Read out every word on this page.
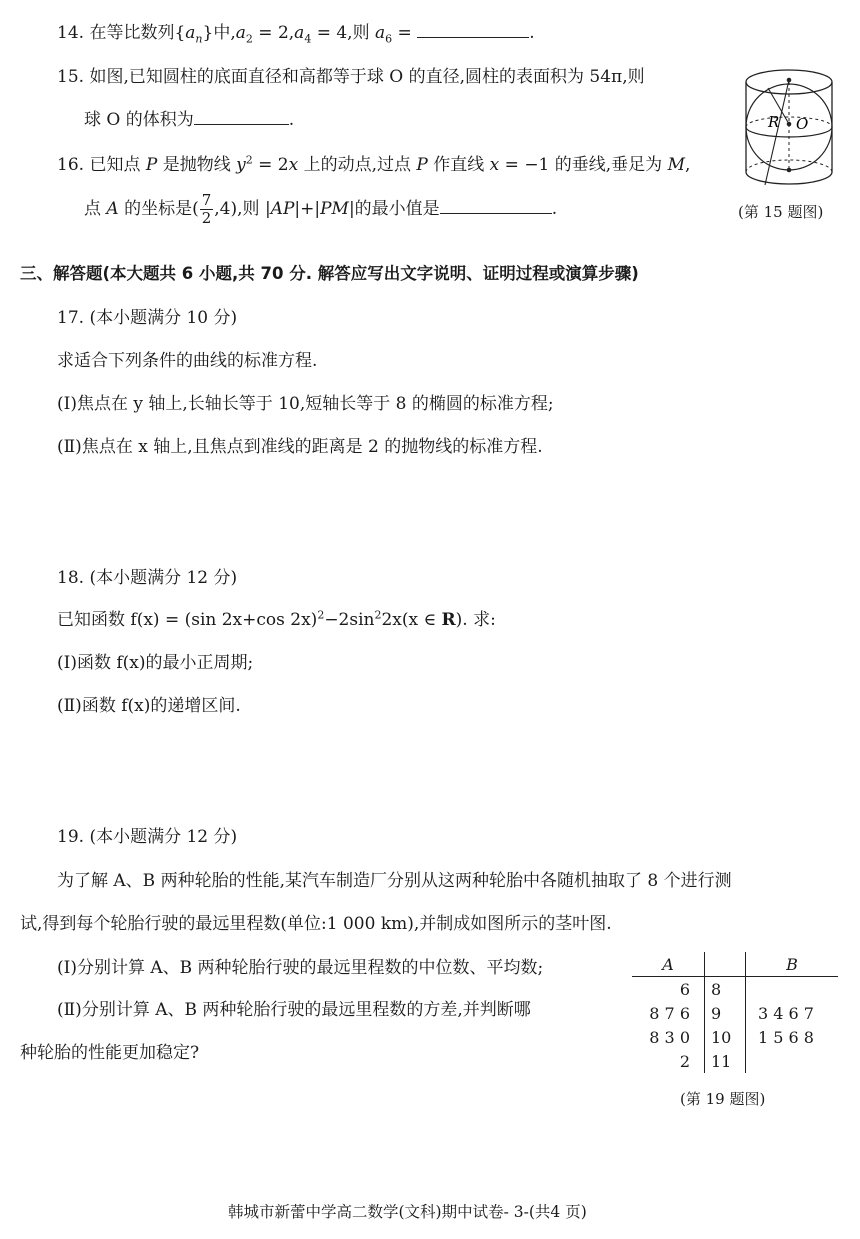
14. 在等比数列$\{a_n\}$中$,a_2 = 2,a_4 = 4$,则 $a_6$ =	.
15. 如图,已知圆柱的底面直径和高都等于球 O 的直径,圆柱的表面积为 54π,则
球 O 的体积为	.	R O
(第 15 题图)
16. 已知点 P 是抛物线 $y^2 = 2x$ 上的动点,过点 P 作直线 x = −1 的垂线,垂足为 M,
点 A 的坐标是( $\frac{7}{2} ,4$),则 |AP|+|PM|的最小值是	.
三、解答题(本大题共 6 小题,共 70 分. 解答应写出文字说明、证明过程或演算步骤)
17. (本小题满分 10 分)
求适合下列条件的曲线的标准方程.
(Ⅰ)焦点在 y 轴上,长轴长等于 10,短轴长等于 8 的椭圆的标准方程;
(Ⅱ)焦点在 x 轴上,且焦点到准线的距离是 2 的抛物线的标准方程.
18. (本小题满分 12 分)
已知函数 f(x) = (sin 2x+cos $2x)^2-2\sin^22x(x$ ∈ R). 求:
(Ⅰ)函数 f(x)的最小正周期;
(Ⅱ)函数 f(x)的递增区间.
19. (本小题满分 12 分)
为了解 A、B 两种轮胎的性能,某汽车制造厂分别从这两种轮胎中各随机抽取了 8 个进行测
试,得到每个轮胎行驶的最远里程数(单位:1 000 km),并制成如图所示的茎叶图.
(Ⅰ)分别计算 A、B 两种轮胎行驶的最远里程数的中位数、平均数;
(Ⅱ)分别计算 A、B 两种轮胎行驶的最远里程数的方差,并判断哪
种轮胎的性能更加稳定?
A		B
6	8	
8 7 6	9	3 4 6 7
8 3 0	10	1 5 6 8
2	11	
(第 19 题图)
韩城市新蕾中学高二数学(文科)期中试卷- 3-(共4 页)
